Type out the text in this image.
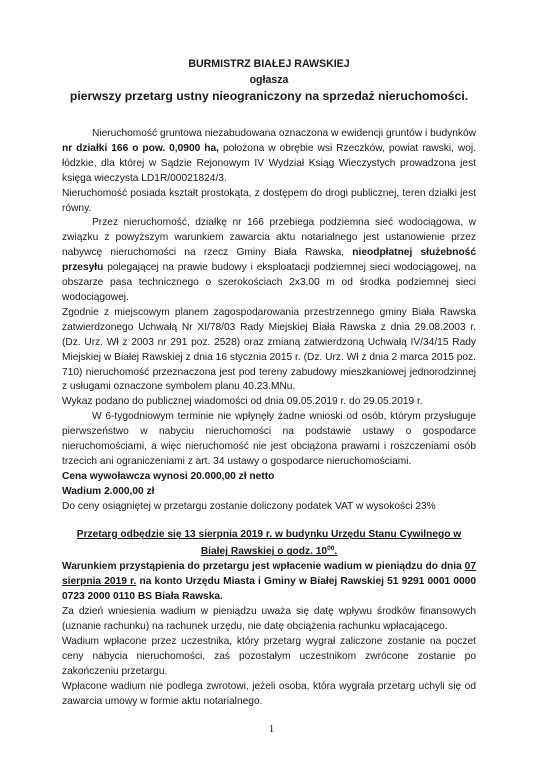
BURMISTRZ BIAŁEJ RAWSKIEJ
ogłasza
pierwszy przetarg ustny nieograniczony na sprzedaż nieruchomości.

Nieruchomość gruntowa niezabudowana oznaczona w ewidencji gruntów i budynków nr działki 166 o pow. 0,0900 ha, położona w obrębie wsi Rzeczków, powiat rawski, woj. łódzkie, dla której w Sądzie Rejonowym IV Wydział Ksiąg Wieczystych prowadzona jest księga wieczysta LD1R/00021824/3.

Nieruchomość posiada kształt prostokąta, z dostępem do drogi publicznej, teren działki jest równy.

Przez nieruchomość, działkę nr 166 przebiega podziemna sieć wodociągowa, w związku z powyższym warunkiem zawarcia aktu notarialnego jest ustanowienie przez nabywcę nieruchomości na rzecz Gminy Biała Rawska, nieodpłatnej służebność przesyłu polegającej na prawie budowy i eksploatacji podziemnej sieci wodociągowej, na obszarze pasa technicznego o szerokościach 2x3,00 m od środka podziemnej sieci wodociągowej.

Zgodnie z miejscowym planem zagospodarowania przestrzennego gminy Biała Rawska zatwierdzonego Uchwałą Nr XI/78/03 Rady Miejskiej Biała Rawska z dnia 29.08.2003 r. (Dz. Urz. Wł z 2003 nr 291 poz. 2528) oraz zmianą zatwierdzoną Uchwałą IV/34/15 Rady Miejskiej w Białej Rawskiej z dnia 16 stycznia 2015 r. (Dz. Urz. Wł z dnia 2 marca 2015 poz. 710) nieruchomość przeznaczona jest pod tereny zabudowy mieszkaniowej jednorodzinnej z usługami oznaczone symbolem planu 40.23.MNu.

Wykaz podano do publicznej wiadomości od dnia 09.05.2019 r. do 29.05.2019 r.

W 6-tygodniowym terminie nie wpłynęły żadne wnioski od osób, którym przysługuje pierwszeństwo w nabyciu nieruchomości na podstawie ustawy o gospodarce nieruchomościami, a więc nieruchomość nie jest obciążona prawami i roszczeniami osób trzecich ani ograniczeniami z art. 34 ustawy o gospodarce nieruchomościami.

Cena wywoławcza wynosi 20.000,00 zł netto

Wadium 2.000,00 zł

Do ceny osiągniętej w przetargu zostanie doliczony podatek VAT w wysokości 23%

Przetarg odbędzie się 13 sierpnia 2019 r. w budynku Urzędu Stanu Cywilnego w Białej Rawskiej o godz. $10^{00}$.

Warunkiem przystąpienia do przetargu jest wpłacenie wadium w pieniądzu do dnia 07 sierpnia 2019 r. na konto Urzędu Miasta i Gminy w Białej Rawskiej 51 9291 0001 0000 0723 2000 0110 BS Biała Rawska.

Za dzień wniesienia wadium w pieniądzu uważa się datę wpływu środków finansowych (uznanie rachunku) na rachunek urzędu, nie datę obciążenia rachunku wpłacającego.

Wadium wpłacone przez uczestnika, który przetarg wygrał zaliczone zostanie na poczet ceny nabycia nieruchomości, zaś pozostałym uczestnikom zwrócone zostanie po zakończeniu przetargu.

Wpłacone wadium nie podlega zwrotowi, jeżeli osoba, która wygrała przetarg uchyli się od zawarcia umowy w formie aktu notarialnego.

1
